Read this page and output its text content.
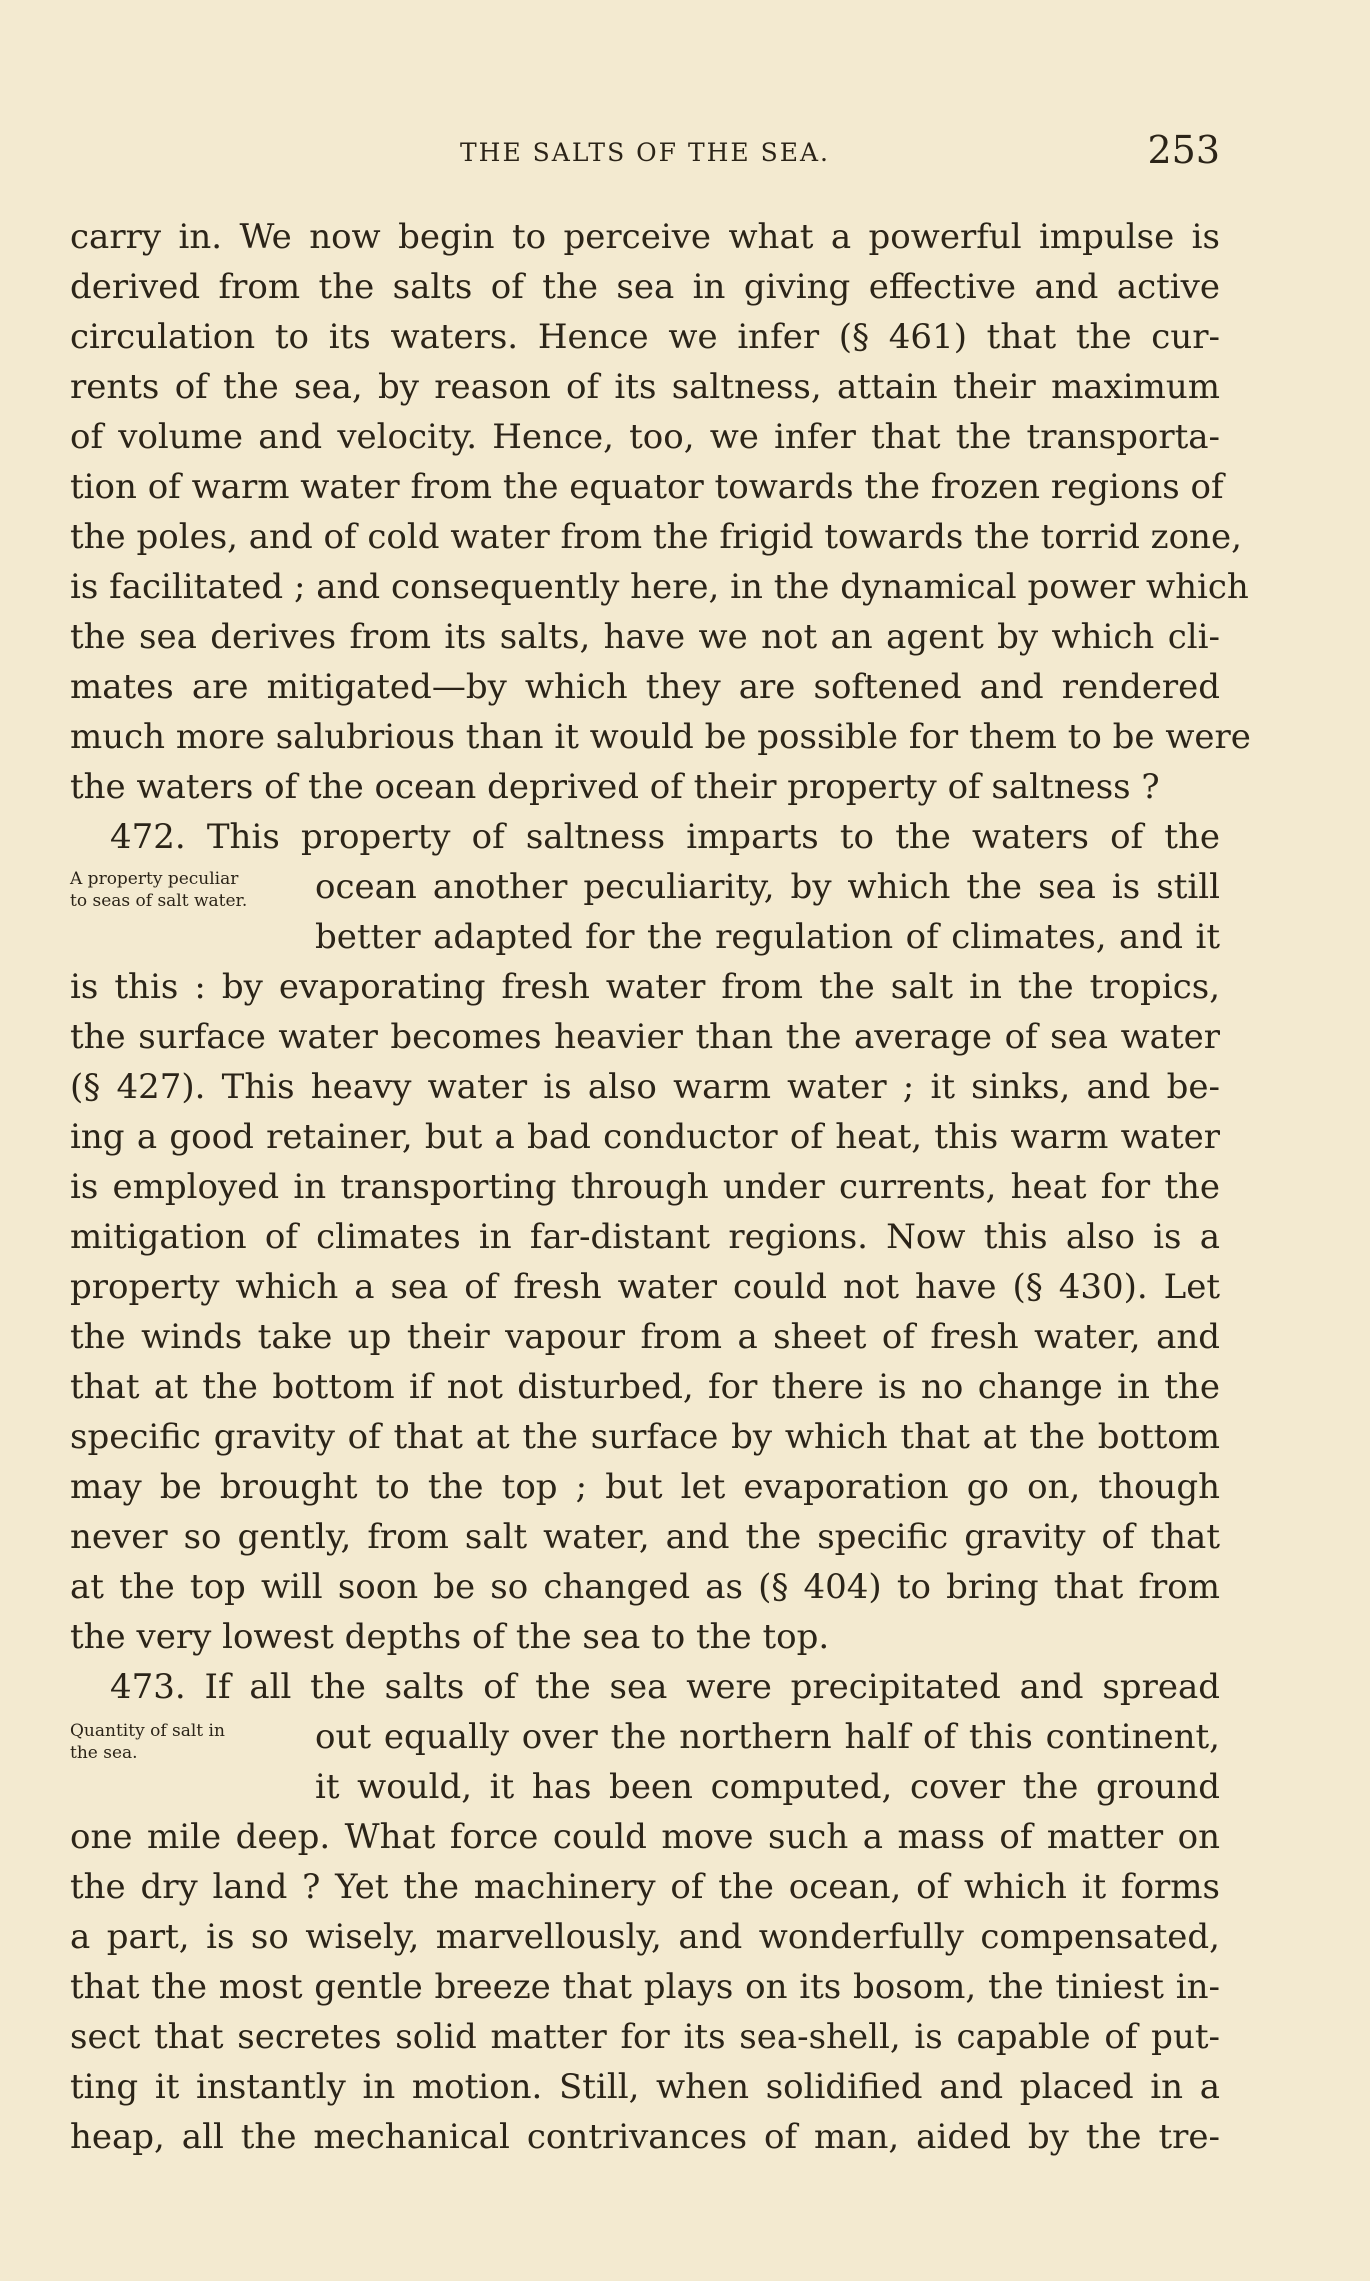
THE SALTS OF THE SEA.	253
carry in. We now begin to perceive what a powerful impulse is
derived from the salts of the sea in giving effective and active
circulation to its waters. Hence we infer (§ 461) that the cur-
rents of the sea, by reason of its saltness, attain their maximum
of volume and velocity. Hence, too, we infer that the transporta-
tion of warm water from the equator towards the frozen regions of
the poles, and of cold water from the frigid towards the torrid zone,
is facilitated ; and consequently here, in the dynamical power which
the sea derives from its salts, have we not an agent by which cli-
mates are mitigated—by which they are softened and rendered
much more salubrious than it would be possible for them to be were
the waters of the ocean deprived of their property of saltness ?
472. This property of saltness imparts to the waters of the
A property peculiar
to seas of salt water.	ocean another peculiarity, by which the sea is still
better adapted for the regulation of climates, and it
is this : by evaporating fresh water from the salt in the tropics,
the surface water becomes heavier than the average of sea water
(§ 427). This heavy water is also warm water ; it sinks, and be-
ing a good retainer, but a bad conductor of heat, this warm water
is employed in transporting through under currents, heat for the
mitigation of climates in far-distant regions. Now this also is a
property which a sea of fresh water could not have (§ 430). Let
the winds take up their vapour from a sheet of fresh water, and
that at the bottom if not disturbed, for there is no change in the
specific gravity of that at the surface by which that at the bottom
may be brought to the top ; but let evaporation go on, though
never so gently, from salt water, and the specific gravity of that
at the top will soon be so changed as (§ 404) to bring that from
the very lowest depths of the sea to the top.
473. If all the salts of the sea were precipitated and spread
Quantity of salt in
the sea.	out equally over the northern half of this continent,
it would, it has been computed, cover the ground
one mile deep. What force could move such a mass of matter on
the dry land ? Yet the machinery of the ocean, of which it forms
a part, is so wisely, marvellously, and wonderfully compensated,
that the most gentle breeze that plays on its bosom, the tiniest in-
sect that secretes solid matter for its sea-shell, is capable of put-
ting it instantly in motion. Still, when solidified and placed in a
heap, all the mechanical contrivances of man, aided by the tre-
